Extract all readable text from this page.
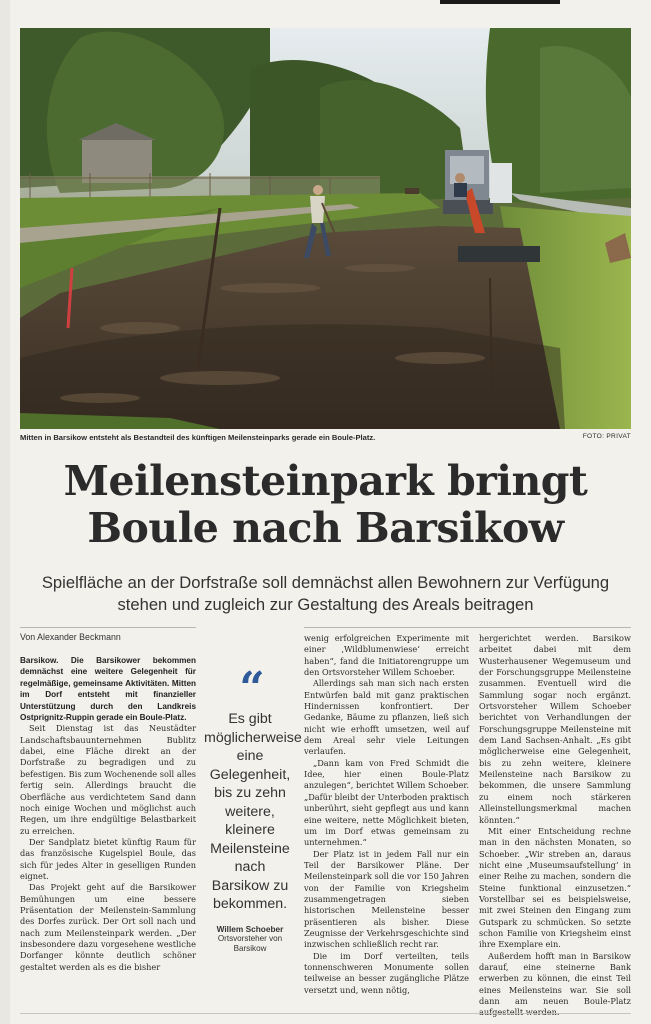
Mitten in Barsikow entsteht als Bestandteil des künftigen Meilensteinparks gerade ein Boule-Platz.	FOTO: PRIVAT
Meilensteinpark bringt
Boule nach Barsikow
Spielfläche an der Dorfstraße soll demnächst allen Bewohnern zur Verfügung stehen und zugleich zur Gestaltung des Areals beitragen
Von Alexander Beckmann

Barsikow. Die Barsikower bekommen demnächst eine weitere Gelegenheit für regelmäßige, gemeinsame Aktivitäten. Mitten im Dorf entsteht mit finanzieller Unterstützung durch den Landkreis Ostprignitz-Ruppin gerade ein Boule-Platz.

Seit Dienstag ist das Neustädter Landschaftsbauunternehmen Bublitz dabei, eine Fläche direkt an der Dorfstraße zu begradigen und zu befestigen. Bis zum Wochenende soll alles fertig sein. Allerdings braucht die Oberfläche aus verdichtetem Sand dann noch einige Wochen und möglichst auch Regen, um ihre endgültige Belastbarkeit zu erreichen.

Der Sandplatz bietet künftig Raum für das französische Kugelspiel Boule, das sich für jedes Alter in geselligen Runden eignet.

Das Projekt geht auf die Barsikower Bemühungen um eine bessere Präsentation der Meilenstein-Sammlung des Dorfes zurück. Der Ort soll nach und nach zum Meilensteinpark werden. „Der insbesondere dazu vorgesehene westliche Dorfanger könnte deutlich schöner gestaltet werden als es die bisher

“
Es gibt möglicherweise eine Gelegenheit, bis zu zehn weitere, kleinere Meilensteine nach Barsikow zu bekommen.
Willem Schoeber
Ortsvorsteher von Barsikow

wenig erfolgreichen Experimente mit einer ‚Wildblumenwiese‘ erreicht haben“, fand die Initiatorengruppe um den Ortsvorsteher Willem Schoeber.

Allerdings sah man sich nach ersten Entwürfen bald mit ganz praktischen Hindernissen konfrontiert. Der Gedanke, Bäume zu pflanzen, ließ sich nicht wie erhofft umsetzen, weil auf dem Areal sehr viele Leitungen verlaufen.

„Dann kam von Fred Schmidt die Idee, hier einen Boule-Platz anzulegen“, berichtet Willem Schoeber. „Dafür bleibt der Unterboden praktisch unberührt, sieht gepflegt aus und kann eine weitere, nette Möglichkeit bieten, um im Dorf etwas gemeinsam zu unternehmen.“

Der Platz ist in jedem Fall nur ein Teil der Barsikower Pläne. Der Meilensteinpark soll die vor 150 Jahren von der Familie von Kriegsheim zusammengetragen sieben historischen Meilensteine besser präsentieren als bisher. Diese Zeugnisse der Verkehrsgeschichte sind inzwischen schließlich recht rar.

Die im Dorf verteilten, teils tonnenschweren Monumente sollen teilweise an besser zugängliche Plätze versetzt und, wenn nötig,

hergerichtet werden. Barsikow arbeitet dabei mit dem Wusterhausener Wegemuseum und der Forschungsgruppe Meilensteine zusammen. Eventuell wird die Sammlung sogar noch ergänzt. Ortsvorsteher Willem Schoeber berichtet von Verhandlungen der Forschungsgruppe Meilensteine mit dem Land Sachsen-Anhalt. „Es gibt möglicherweise eine Gelegenheit, bis zu zehn weitere, kleinere Meilensteine nach Barsikow zu bekommen, die unsere Sammlung zu einem noch stärkeren Alleinstellungsmerkmal machen könnten.“

Mit einer Entscheidung rechne man in den nächsten Monaten, so Schoeber. „Wir streben an, daraus nicht eine ‚Museumsaufstellung‘ in einer Reihe zu machen, sondern die Steine funktional einzusetzen.“ Vorstellbar sei es beispielsweise, mit zwei Steinen den Eingang zum Gutspark zu schmücken. So setzte schon Familie von Kriegsheim einst ihre Exemplare ein.

Außerdem hofft man in Barsikow darauf, eine steinerne Bank erwerben zu können, die einst Teil eines Meilensteins war. Sie soll dann am neuen Boule-Platz
